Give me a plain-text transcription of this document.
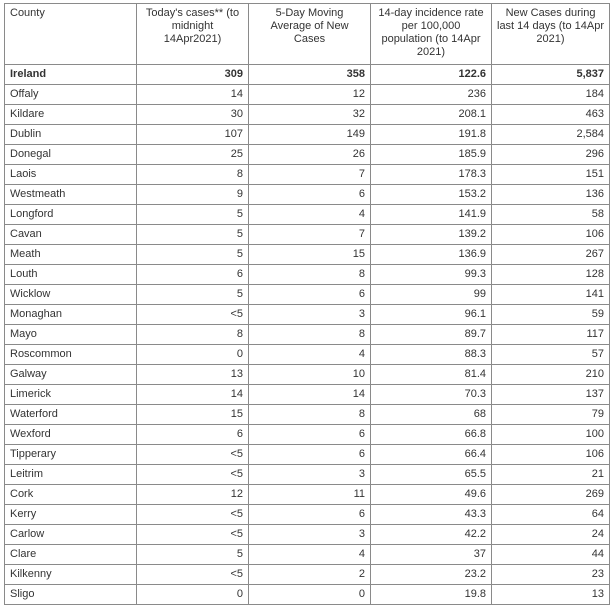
County	Today's cases** (to midnight 14Apr2021)	5-Day Moving Average of New Cases	14-day incidence rate per 100,000 population (to 14Apr 2021)	New Cases during last 14 days (to 14Apr 2021)
Ireland	309	358	122.6	5,837
Offaly	14	12	236	184
Kildare	30	32	208.1	463
Dublin	107	149	191.8	2,584
Donegal	25	26	185.9	296
Laois	8	7	178.3	151
Westmeath	9	6	153.2	136
Longford	5	4	141.9	58
Cavan	5	7	139.2	106
Meath	5	15	136.9	267
Louth	6	8	99.3	128
Wicklow	5	6	99	141
Monaghan	<5	3	96.1	59
Mayo	8	8	89.7	117
Roscommon	0	4	88.3	57
Galway	13	10	81.4	210
Limerick	14	14	70.3	137
Waterford	15	8	68	79
Wexford	6	6	66.8	100
Tipperary	<5	6	66.4	106
Leitrim	<5	3	65.5	21
Cork	12	11	49.6	269
Kerry	<5	6	43.3	64
Carlow	<5	3	42.2	24
Clare	5	4	37	44
Kilkenny	<5	2	23.2	23
Sligo	0	0	19.8	13
